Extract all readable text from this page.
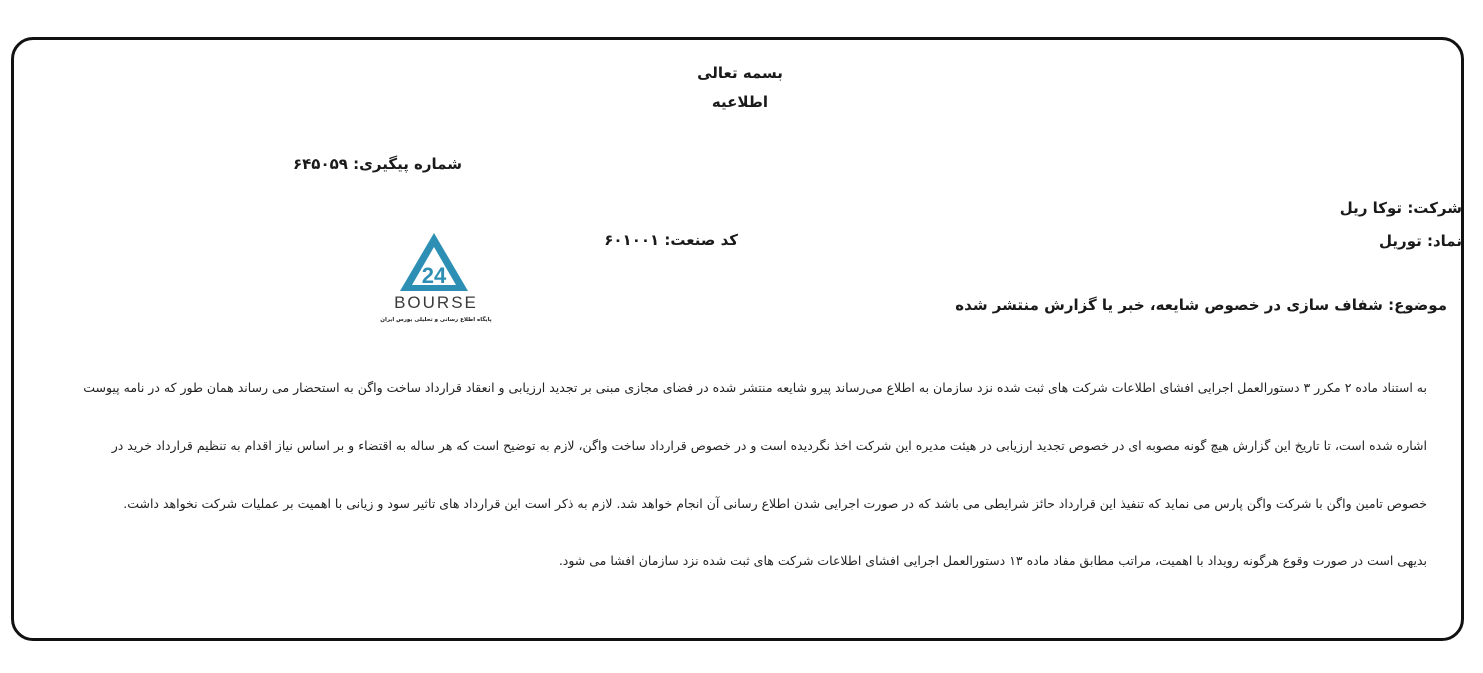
بسمه تعالی
اطلاعیه
شماره پیگیری: ۶۴۵۰۵۹
شرکت: توکا ریل
نماد: توریل
کد صنعت: ۶۰۱۰۰۱
موضوع: شفاف سازی در خصوص شایعه، خبر یا گزارش منتشر شده
24
BOURSE
پایگاه اطلاع رسانی و تحلیلی بورس ایران
به استناد ماده ۲ مکرر ۳ دستورالعمل اجرایی افشای اطلاعات شرکت های ثبت شده نزد سازمان به اطلاع می‌رساند پیرو شایعه منتشر شده در فضای مجازی مبنی بر تجدید ارزیابی و انعقاد قرارداد ساخت واگن به استحضار می رساند همان طور که در نامه پیوست
اشاره شده است، تا تاریخ این گزارش هیچ گونه مصوبه ای در خصوص تجدید ارزیابی در هیئت مدیره این شرکت اخذ نگردیده است و در خصوص قرارداد ساخت واگن، لازم به توضیح است که هر ساله به اقتضاء و بر اساس نیاز اقدام به تنظیم قرارداد خرید در
خصوص تامین واگن با شرکت واگن پارس می نماید که تنفیذ این قرارداد حائز شرایطی می باشد که در صورت اجرایی شدن اطلاع رسانی آن انجام خواهد شد. لازم به ذکر است این قرارداد های تاثیر سود و زیانی با اهمیت بر عملیات شرکت نخواهد داشت.
بدیهی است در صورت وقوع هرگونه رویداد با اهمیت، مراتب مطابق مفاد ماده ۱۳ دستورالعمل اجرایی افشای اطلاعات شرکت های ثبت شده نزد سازمان افشا می شود.
